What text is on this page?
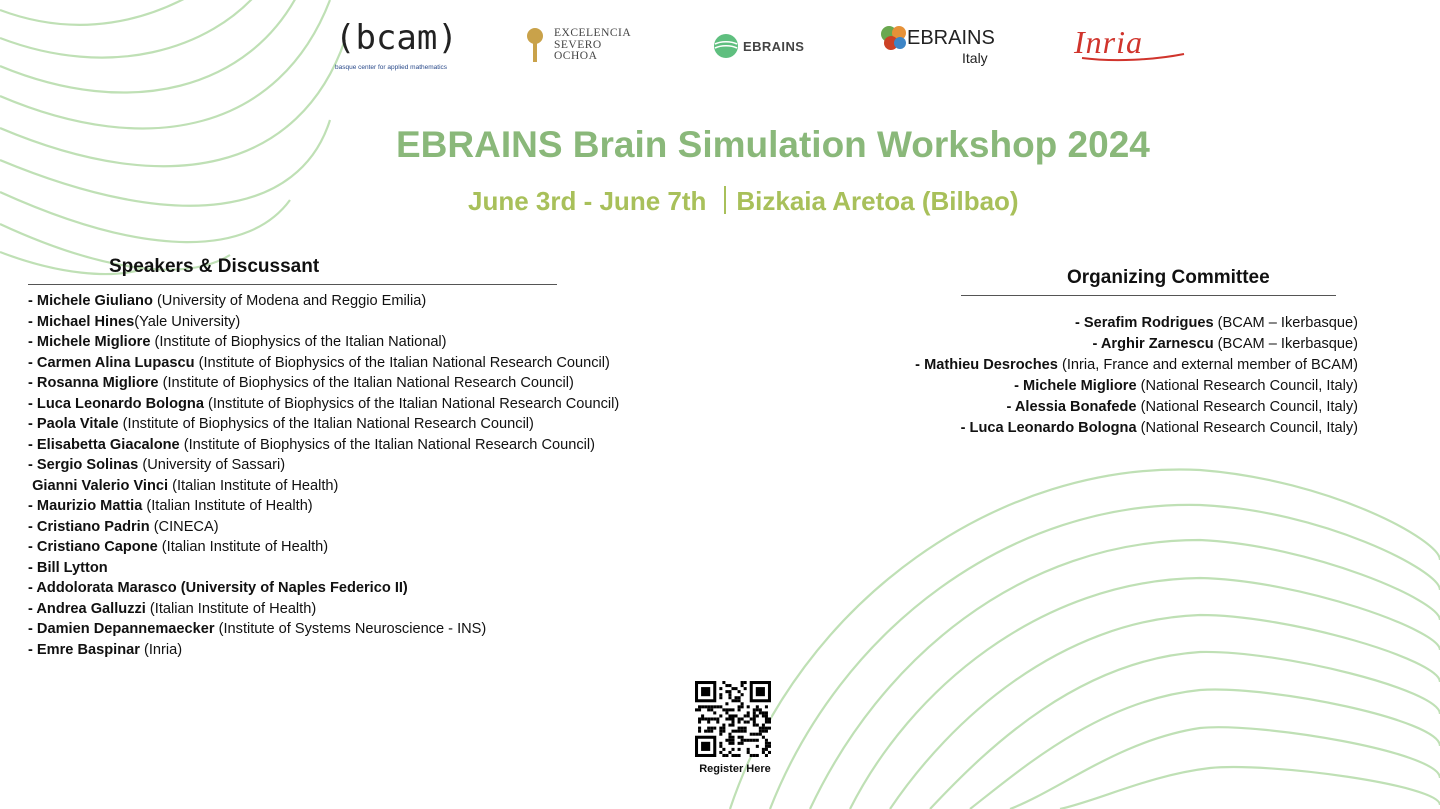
(bcam)
basque center for applied mathematics
EXCELENCIA
SEVERO
OCHOA
EBRAINS	EBRAINS
Italy	Inria
EBRAINS Brain Simulation Workshop 2024
June 3rd - June 7th Bizkaia Aretoa (Bilbao)
Speakers & Discussant
- Michele Giuliano (University of Modena and Reggio Emilia)
- Michael Hines(Yale University)
- Michele Migliore (Institute of Biophysics of the Italian National)
- Carmen Alina Lupascu (Institute of Biophysics of the Italian National Research Council)
- Rosanna Migliore (Institute of Biophysics of the Italian National Research Council)
- Luca Leonardo Bologna (Institute of Biophysics of the Italian National Research Council)
- Paola Vitale (Institute of Biophysics of the Italian National Research Council)
- Elisabetta Giacalone (Institute of Biophysics of the Italian National Research Council)
- Sergio Solinas (University of Sassari)
Gianni Valerio Vinci (Italian Institute of Health)
- Maurizio Mattia (Italian Institute of Health)
- Cristiano Padrin (CINECA)
- Cristiano Capone (Italian Institute of Health)
- Bill Lytton
- Addolorata Marasco (University of Naples Federico II)
- Andrea Galluzzi (Italian Institute of Health)
- Damien Depannemaecker (Institute of Systems Neuroscience - INS)
- Emre Baspinar (Inria)
Organizing Committee
- Serafim Rodrigues (BCAM – Ikerbasque)
- Arghir Zarnescu (BCAM – Ikerbasque)
- Mathieu Desroches (Inria, France and external member of BCAM)
- Michele Migliore (National Research Council, Italy)
- Alessia Bonafede (National Research Council, Italy)
- Luca Leonardo Bologna (National Research Council, Italy)
Register Here
